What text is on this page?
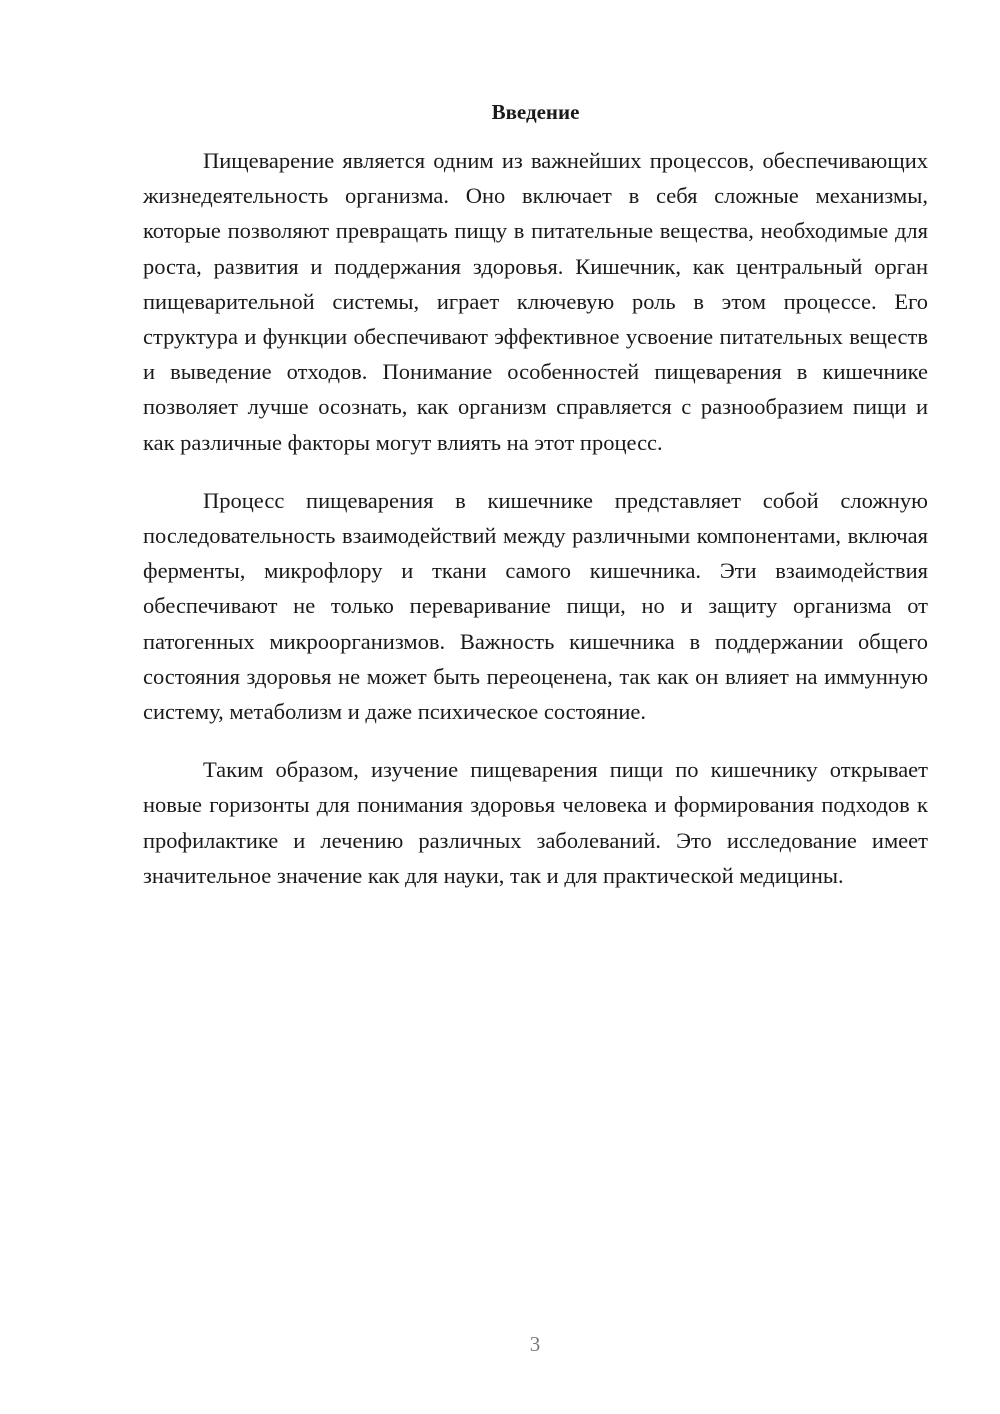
Введение

Пищеварение является одним из важнейших процессов, обеспечивающих жизнедеятельность организма. Оно включает в себя сложные механизмы, которые позволяют превращать пищу в питательные вещества, необходимые для роста, развития и поддержания здоровья. Кишечник, как центральный орган пищеварительной системы, играет ключевую роль в этом процессе. Его структура и функции обеспечивают эффективное усвоение питательных веществ и выведение отходов. Понимание особенностей пищеварения в кишечнике позволяет лучше осознать, как организм справляется с разнообразием пищи и как различные факторы могут влиять на этот процесс.

Процесс пищеварения в кишечнике представляет собой сложную последовательность взаимодействий между различными компонентами, включая ферменты, микрофлору и ткани самого кишечника. Эти взаимодействия обеспечивают не только переваривание пищи, но и защиту организма от патогенных микроорганизмов. Важность кишечника в поддержании общего состояния здоровья не может быть переоценена, так как он влияет на иммунную систему, метаболизм и даже психическое состояние.

Таким образом, изучение пищеварения пищи по кишечнику открывает новые горизонты для понимания здоровья человека и формирования подходов к профилактике и лечению различных заболеваний. Это исследование имеет значительное значение как для науки, так и для практической медицины.

3
